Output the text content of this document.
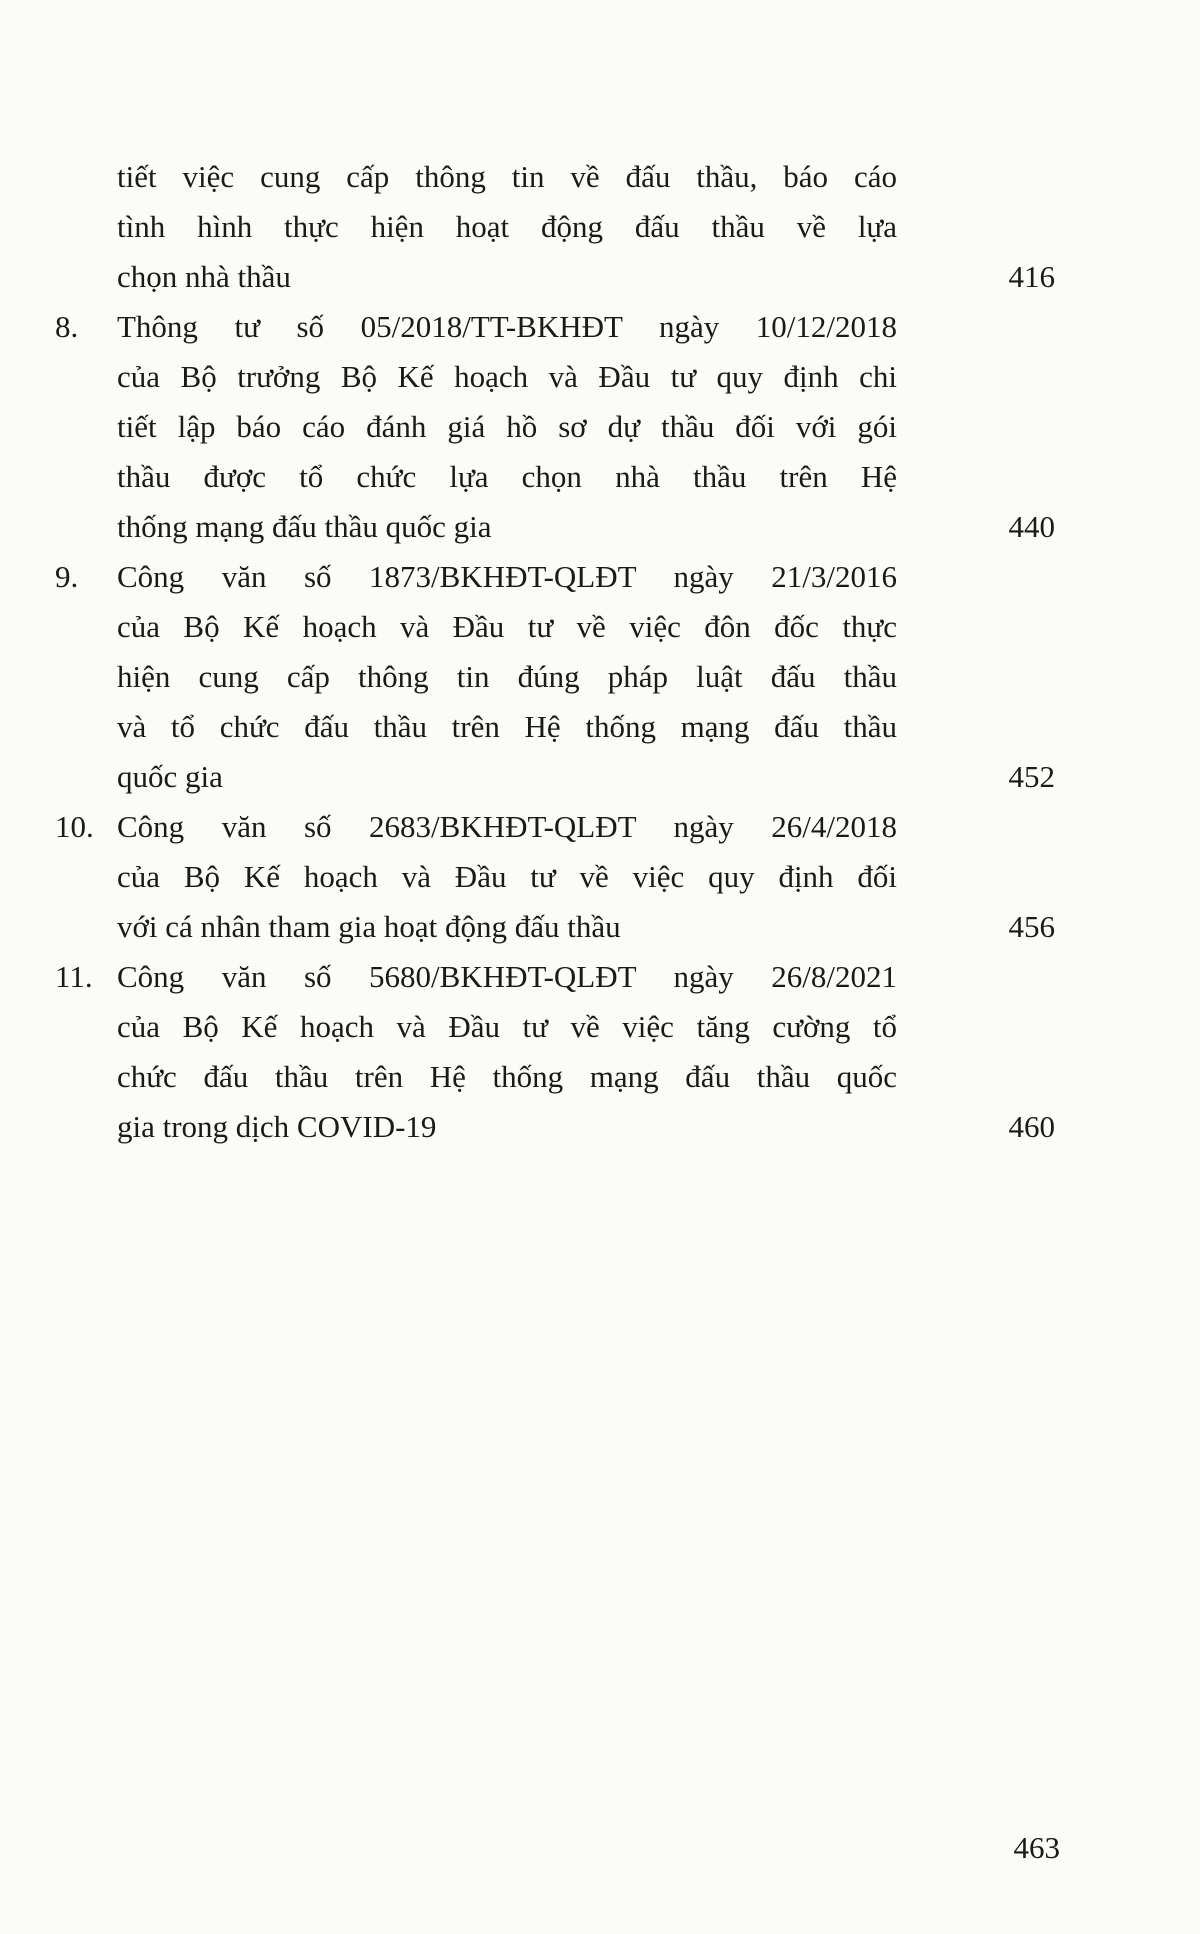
tiết việc cung cấp thông tin về đấu thầu, báo cáo
tình hình thực hiện hoạt động đấu thầu về lựa
chọn nhà thầu	416
8. Thông tư số 05/2018/TT-BKHĐT ngày 10/12/2018
của Bộ trưởng Bộ Kế hoạch và Đầu tư quy định chi
tiết lập báo cáo đánh giá hồ sơ dự thầu đối với gói
thầu được tổ chức lựa chọn nhà thầu trên Hệ
thống mạng đấu thầu quốc gia	440
9. Công văn số 1873/BKHĐT-QLĐT ngày 21/3/2016
của Bộ Kế hoạch và Đầu tư về việc đôn đốc thực
hiện cung cấp thông tin đúng pháp luật đấu thầu
và tổ chức đấu thầu trên Hệ thống mạng đấu thầu
quốc gia	452
10. Công văn số 2683/BKHĐT-QLĐT ngày 26/4/2018
của Bộ Kế hoạch và Đầu tư về việc quy định đối
với cá nhân tham gia hoạt động đấu thầu	456
11. Công văn số 5680/BKHĐT-QLĐT ngày 26/8/2021
của Bộ Kế hoạch và Đầu tư về việc tăng cường tổ
chức đấu thầu trên Hệ thống mạng đấu thầu quốc
gia trong dịch COVID-19	460
463
